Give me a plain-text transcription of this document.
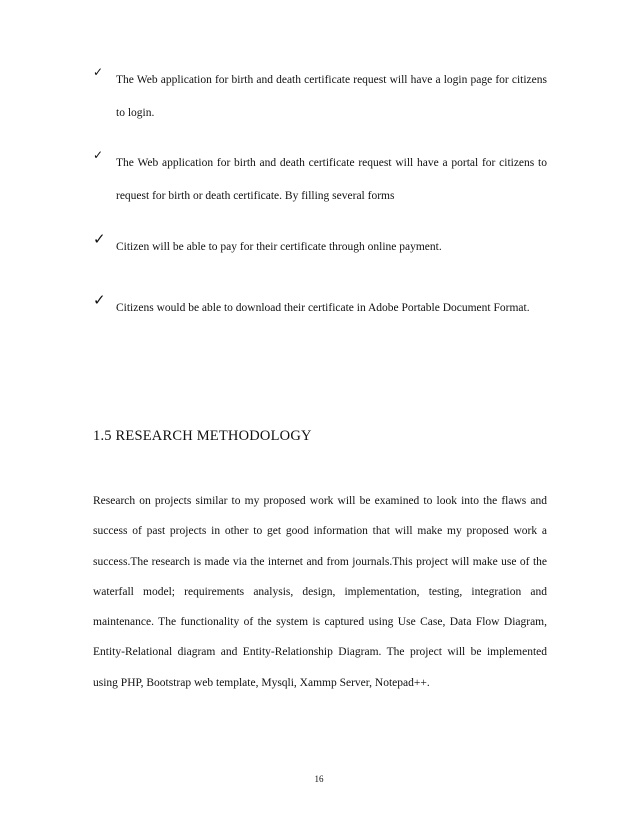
✓
The Web application for birth and death certificate request will have a login page for citizens to login.
✓
The Web application for birth and death certificate request will have a portal for citizens to request for birth or death certificate. By filling several forms
✓ Citizen will be able to pay for their certificate through online payment.
✓ Citizens would be able to download their certificate in Adobe Portable Document Format.
1.5 RESEARCH METHODOLOGY
Research on projects similar to my proposed work will be examined to look into the flaws and success of past projects in other to get good information that will make my proposed work a success.The research is made via the internet and from journals.This project will make use of the waterfall model; requirements analysis, design, implementation, testing, integration and maintenance. The functionality of the system is captured using Use Case, Data Flow Diagram, Entity-Relational diagram and Entity-Relationship Diagram. The project will be implemented using PHP, Bootstrap web template, Mysqli, Xammp Server, Notepad++.
16
